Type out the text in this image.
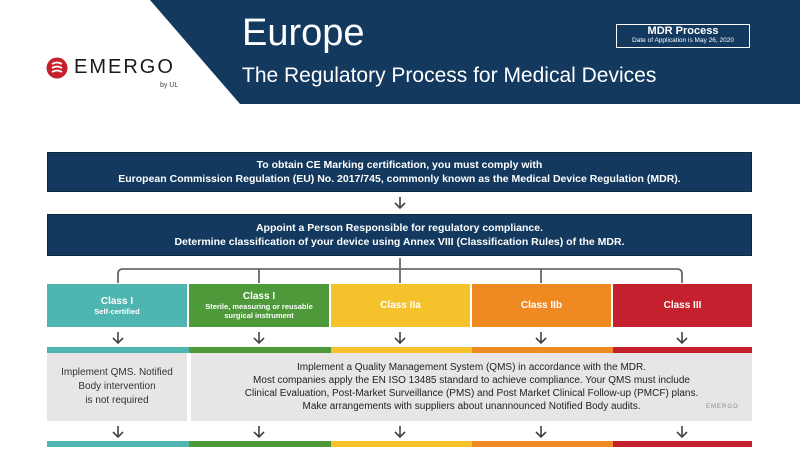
EMERGO
by UL
Europe
The Regulatory Process for Medical Devices
MDR Process
Date of Application is May 26, 2020
To obtain CE Marking certification, you must comply with
European Commission Regulation (EU) No. 2017/745, commonly known as the Medical Device Regulation (MDR).
Appoint a Person Responsible for regulatory compliance.
Determine classification of your device using Annex VIII (Classification Rules) of the MDR.
Class I
Self-certified
Class I
Sterile, measuring or reusable surgical instrument
Class IIa	Class IIb	Class III
Implement QMS. Notified
Body intervention
is not required
Implement a Quality Management System (QMS) in accordance with the MDR.
Most companies apply the EN ISO 13485 standard to achieve compliance. Your QMS must include
Clinical Evaluation, Post-Market Surveillance (PMS) and Post Market Clinical Follow-up (PMCF) plans.
Make arrangements with suppliers about unannounced Notified Body audits.	EMERGO
